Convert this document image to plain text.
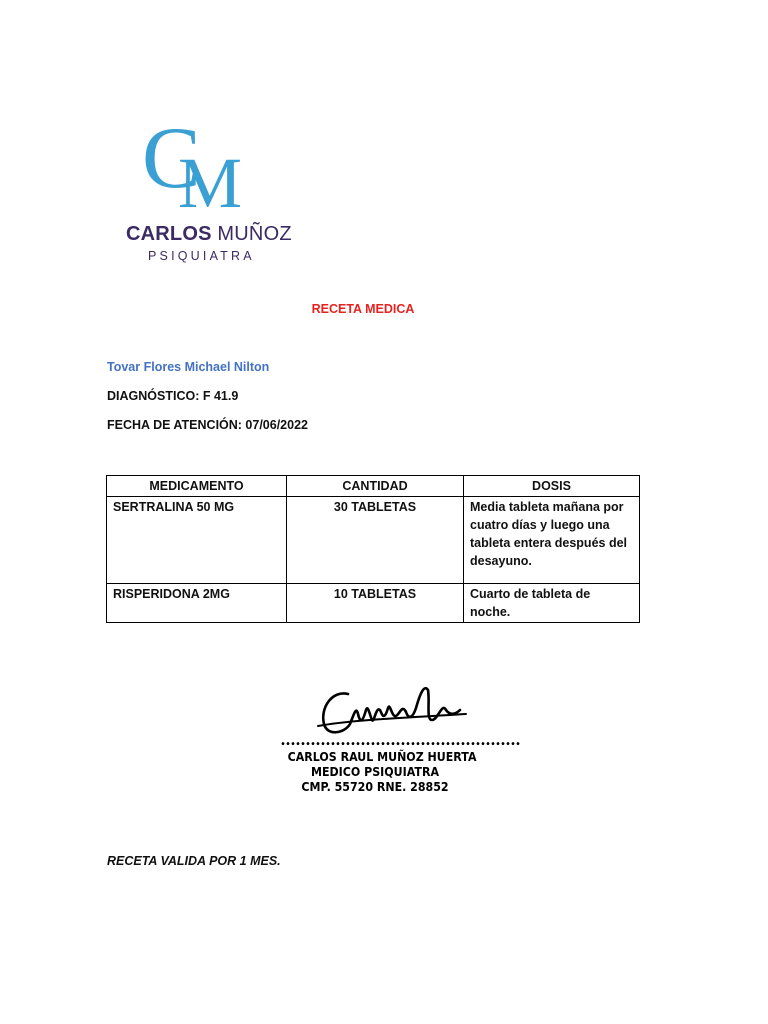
C
M
CARLOS MUÑOZ
PSIQUIATRA
RECETA MEDICA
Tovar Flores Michael Nilton
DIAGNÓSTICO: F 41.9
FECHA DE ATENCIÓN: 07/06/2022
MEDICAMENTO	CANTIDAD	DOSIS
SERTRALINA 50 MG	30 TABLETAS	Media tableta mañana por cuatro días y luego una tableta entera después del desayuno.
RISPERIDONA 2MG	10 TABLETAS	Cuarto de tableta de noche.
••••••••••••••••••••••••••••••••••••••••••••••••
CARLOS RAUL MUÑOZ HUERTA
MEDICO PSIQUIATRA
CMP. 55720 RNE. 28852
RECETA VALIDA POR 1 MES.
